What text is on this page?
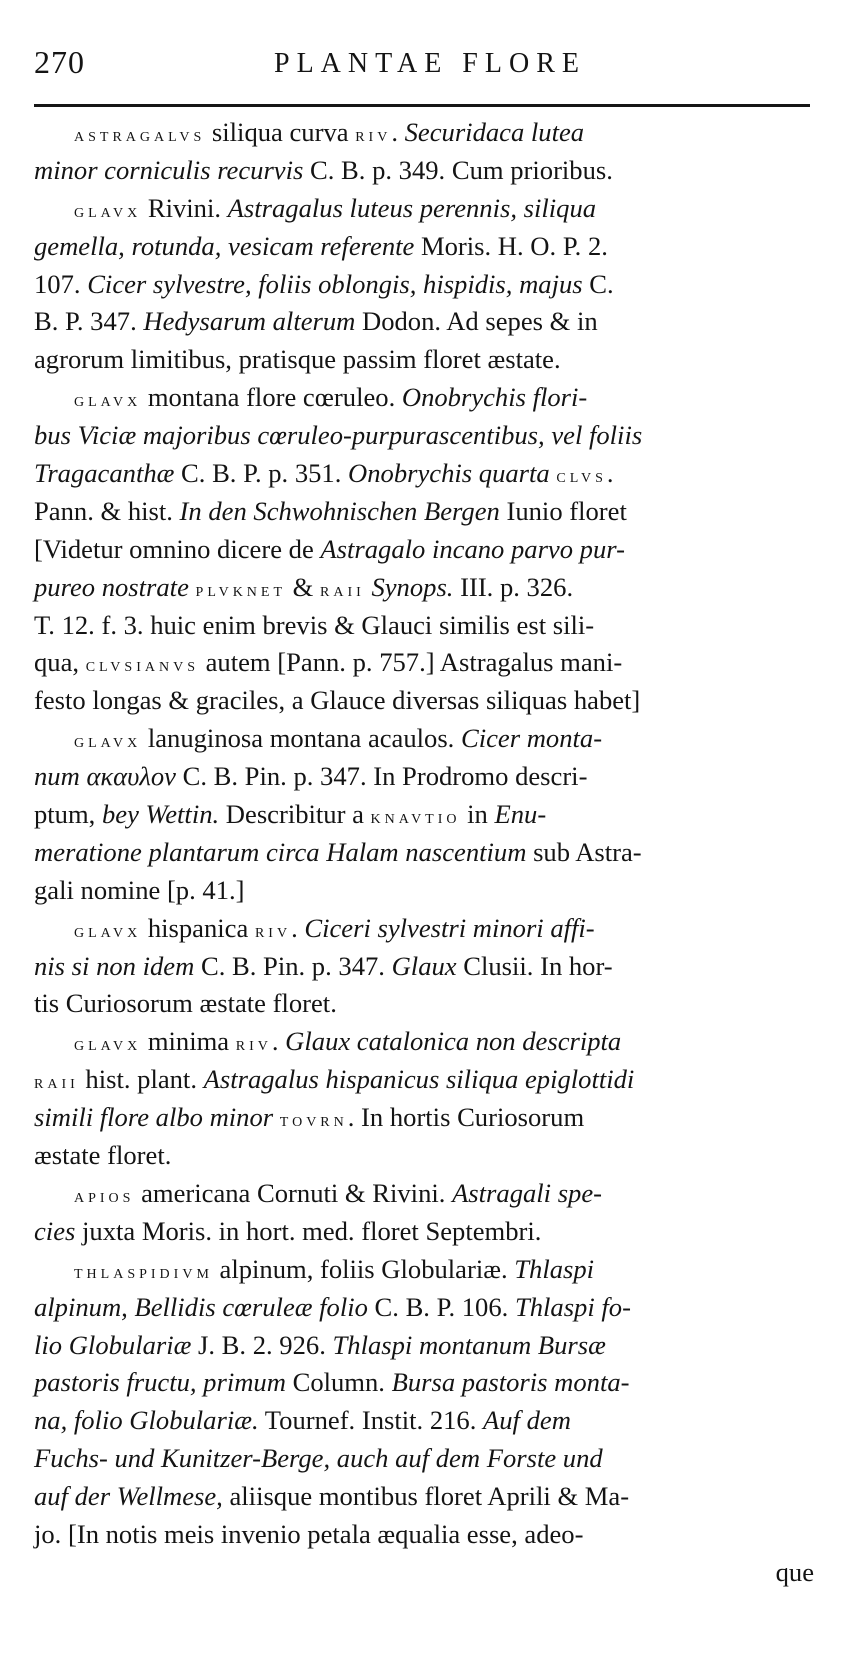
270	PLANTAE FLORE
astragalvs siliqua curva riv. Securidaca lutea
minor corniculis recurvis C. B. p. 349. Cum prioribus.
glavx Rivini. Astragalus luteus perennis, siliqua
gemella, rotunda, vesicam referente Moris. H. O. P. 2.
107. Cicer sylvestre, foliis oblongis, hispidis, majus C.
B. P. 347. Hedysarum alterum Dodon. Ad sepes & in
agrorum limitibus, pratisque passim floret æstate.
glavx montana flore cœruleo. Onobrychis flori-
bus Viciæ majoribus cœruleo-purpurascentibus, vel foliis
Tragacanthæ C. B. P. p. 351. Onobrychis quarta clvs.
Pann. & hist. In den Schwohnischen Bergen Iunio floret
[Videtur omnino dicere de Astragalo incano parvo pur-
pureo nostrate plvknet & raii Synops. III. p. 326.
T. 12. f. 3. huic enim brevis & Glauci similis est sili-
qua, clvsianvs autem [Pann. p. 757.] Astragalus mani-
festo longas & graciles, a Glauce diversas siliquas habet]
glavx lanuginosa montana acaulos. Cicer monta-
num ακαυλον C. B. Pin. p. 347. In Prodromo descri-
ptum, bey Wettin. Describitur a knavtio in Enu-
meratione plantarum circa Halam nascentium sub Astra-
gali nomine [p. 41.]
glavx hispanica riv. Ciceri sylvestri minori affi-
nis si non idem C. B. Pin. p. 347. Glaux Clusii. In hor-
tis Curiosorum æstate floret.
glavx minima riv. Glaux catalonica non descripta
raii hist. plant. Astragalus hispanicus siliqua epiglottidi
simili flore albo minor tovrn. In hortis Curiosorum
æstate floret.
apios americana Cornuti & Rivini. Astragali spe-
cies juxta Moris. in hort. med. floret Septembri.
thlaspidivm alpinum, foliis Globulariæ. Thlaspi
alpinum, Bellidis cœruleæ folio C. B. P. 106. Thlaspi fo-
lio Globulariæ J. B. 2. 926. Thlaspi montanum Bursæ
pastoris fructu, primum Column. Bursa pastoris monta-
na, folio Globulariæ. Tournef. Instit. 216. Auf dem
Fuchs- und Kunitzer-Berge, auch auf dem Forste und
auf der Wellmese, aliisque montibus floret Aprili & Ma-
jo. [In notis meis invenio petala æqualia esse, adeo-
que
